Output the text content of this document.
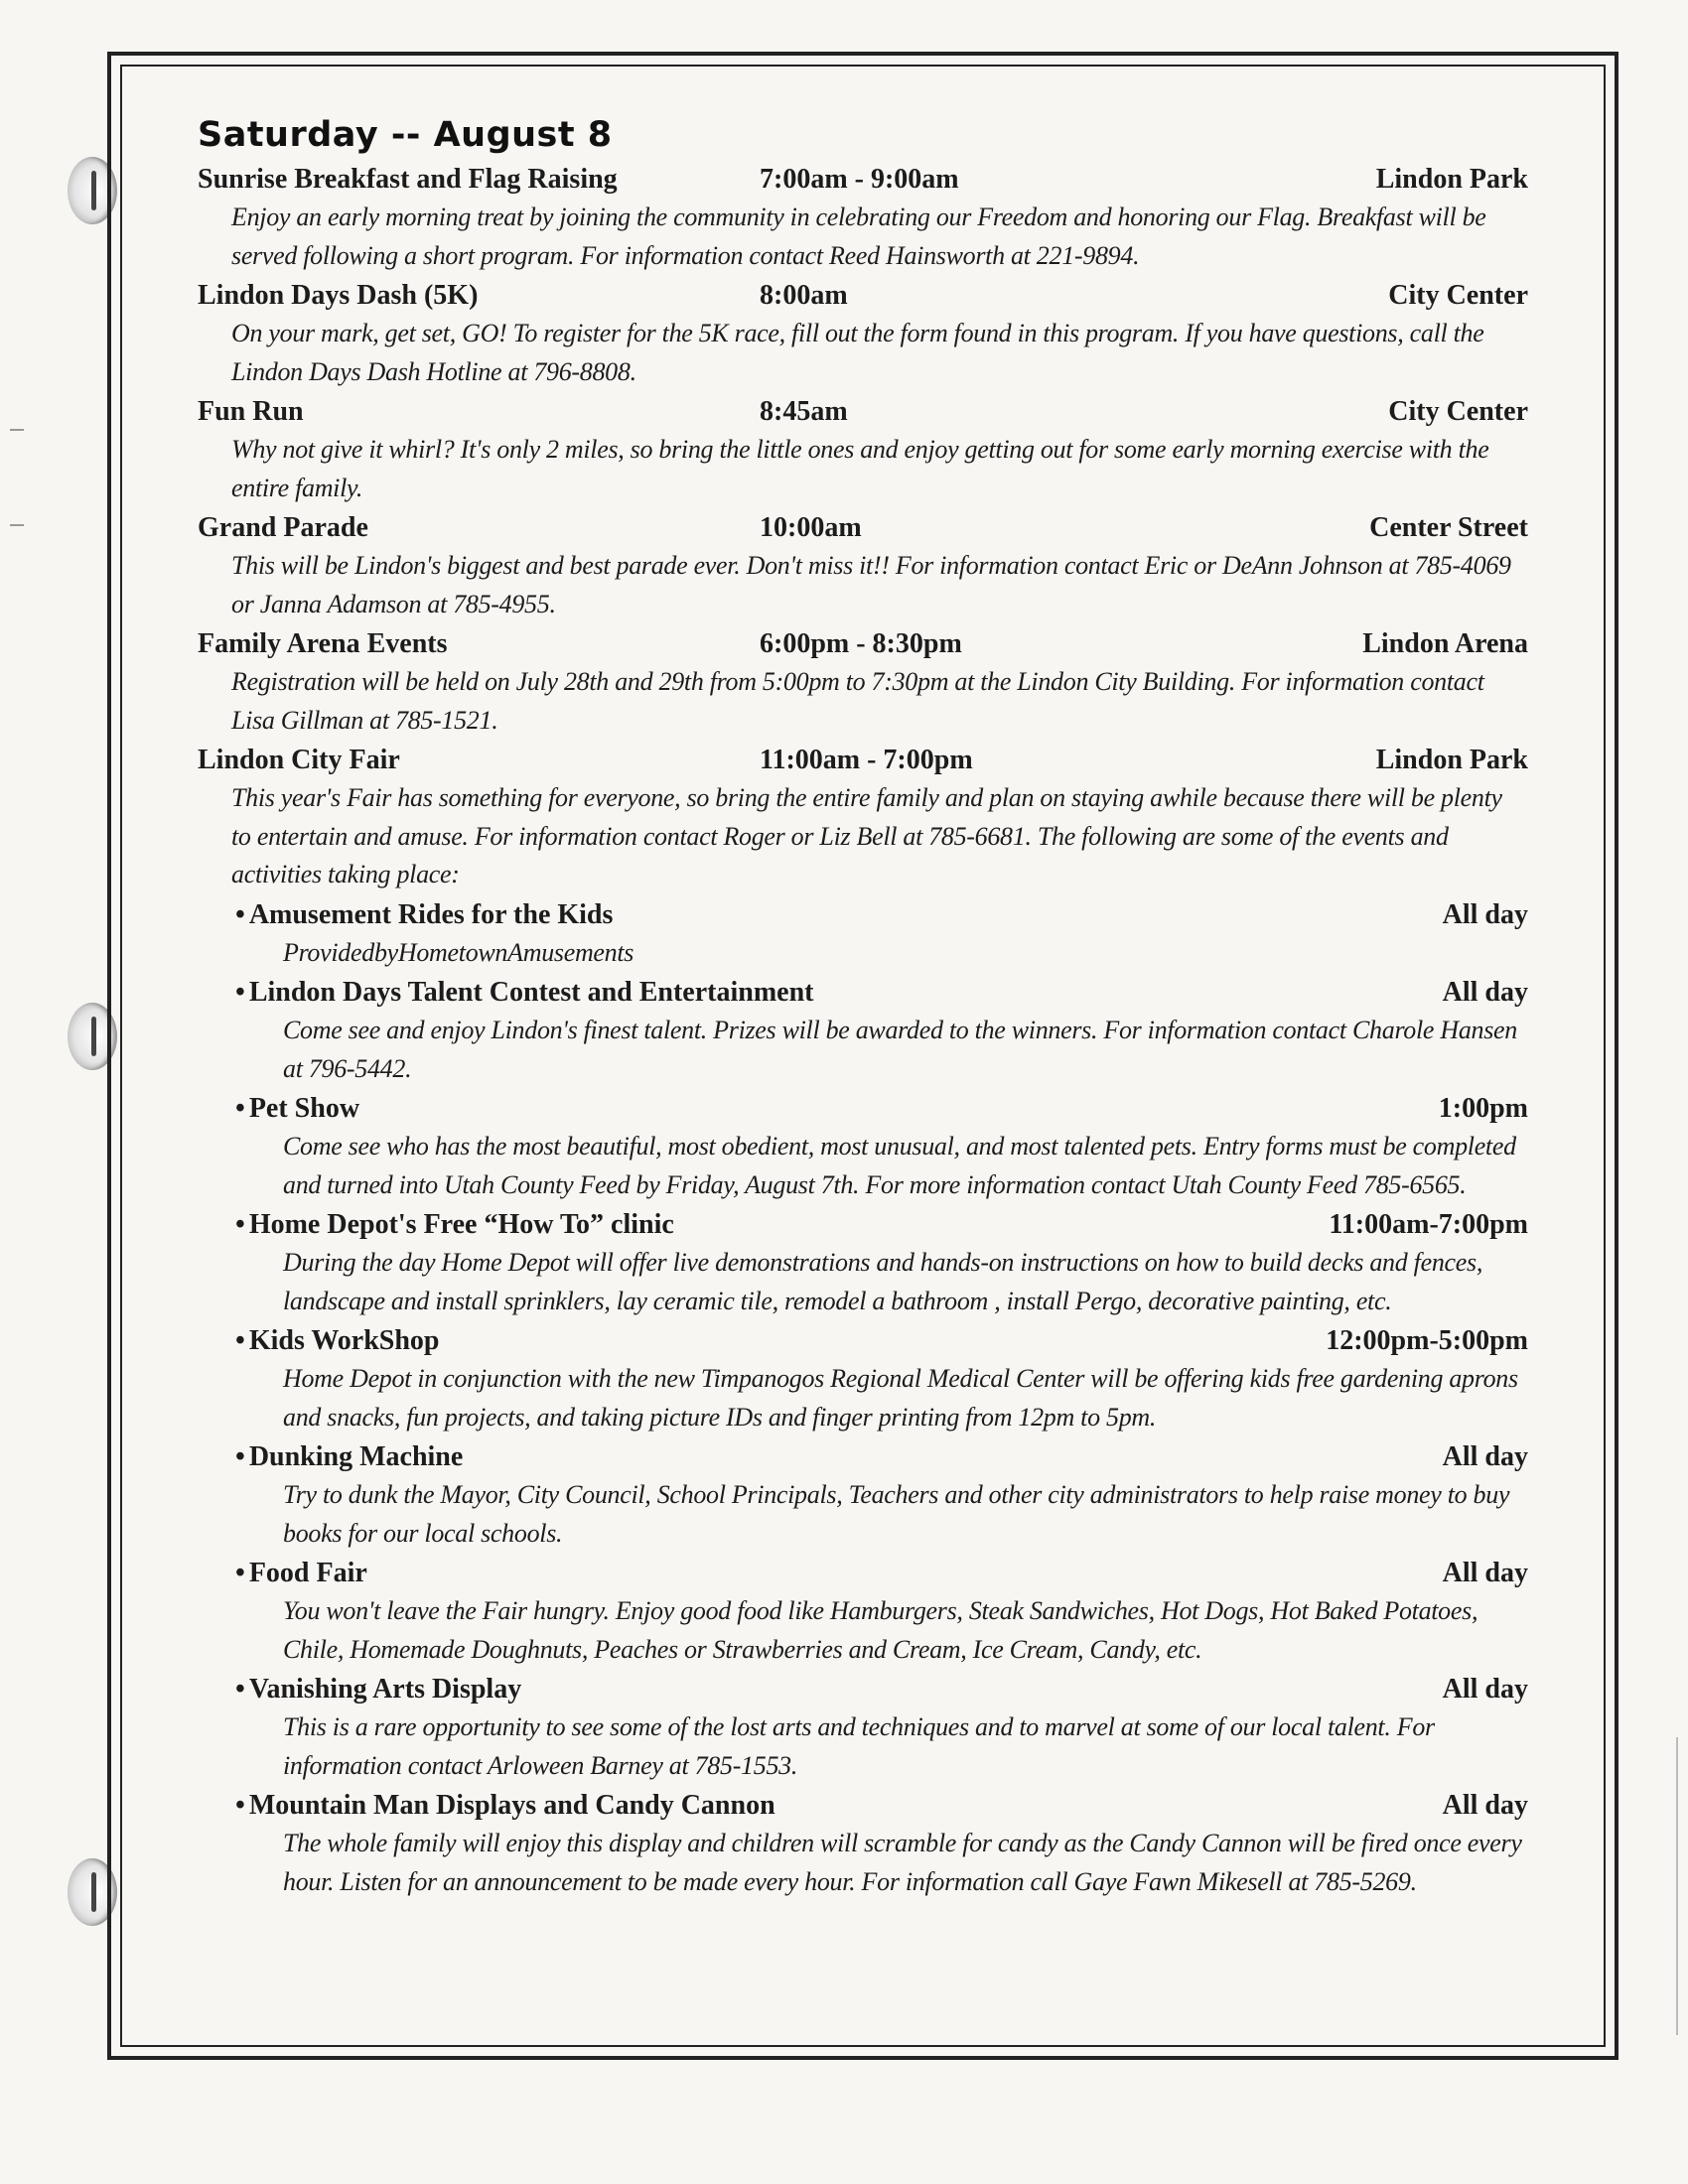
Saturday -- August 8
Sunrise Breakfast and Flag Raising	7:00am - 9:00am	Lindon Park

Enjoy an early morning treat by joining the community in celebrating our Freedom and honoring our Flag. Breakfast will be served following a short program. For information contact Reed Hainsworth at 221-9894.

Lindon Days Dash (5K)	8:00am	City Center

On your mark, get set, GO! To register for the 5K race, fill out the form found in this program. If you have questions, call the Lindon Days Dash Hotline at 796-8808.

Fun Run	8:45am	City Center

Why not give it whirl? It's only 2 miles, so bring the little ones and enjoy getting out for some early morning exercise with the entire family.

Grand Parade	10:00am	Center Street

This will be Lindon's biggest and best parade ever. Don't miss it!! For information contact Eric or DeAnn Johnson at 785-4069 or Janna Adamson at 785-4955.

Family Arena Events	6:00pm - 8:30pm	Lindon Arena

Registration will be held on July 28th and 29th from 5:00pm to 7:30pm at the Lindon City Building. For information contact Lisa Gillman at 785-1521.

Lindon City Fair	11:00am - 7:00pm	Lindon Park

This year's Fair has something for everyone, so bring the entire family and plan on staying awhile because there will be plenty to entertain and amuse. For information contact Roger or Liz Bell at 785-6681. The following are some of the events and activities taking place:

• Amusement Rides for the Kids	All day

ProvidedbyHometownAmusements

• Lindon Days Talent Contest and Entertainment	All day

Come see and enjoy Lindon's finest talent. Prizes will be awarded to the winners. For information contact Charole Hansen at 796-5442.

• Pet Show	1:00pm

Come see who has the most beautiful, most obedient, most unusual, and most talented pets. Entry forms must be completed and turned into Utah County Feed by Friday, August 7th. For more information contact Utah County Feed 785-6565.

• Home Depot's Free “How To” clinic	11:00am-7:00pm

During the day Home Depot will offer live demonstrations and hands-on instructions on how to build decks and fences, landscape and install sprinklers, lay ceramic tile, remodel a bathroom , install Pergo, decorative painting, etc.

• Kids WorkShop	12:00pm-5:00pm

Home Depot in conjunction with the new Timpanogos Regional Medical Center will be offering kids free gardening aprons and snacks, fun projects, and taking picture IDs and finger printing from 12pm to 5pm.

• Dunking Machine	All day

Try to dunk the Mayor, City Council, School Principals, Teachers and other city administrators to help raise money to buy books for our local schools.

• Food Fair	All day

You won't leave the Fair hungry. Enjoy good food like Hamburgers, Steak Sandwiches, Hot Dogs, Hot Baked Potatoes, Chile, Homemade Doughnuts, Peaches or Strawberries and Cream, Ice Cream, Candy, etc.

• Vanishing Arts Display	All day

This is a rare opportunity to see some of the lost arts and techniques and to marvel at some of our local talent. For information contact Arloween Barney at 785-1553.

• Mountain Man Displays and Candy Cannon	All day

The whole family will enjoy this display and children will scramble for candy as the Candy Cannon will be fired once every hour. Listen for an announcement to be made every hour. For information call Gaye Fawn Mikesell at 785-5269.
